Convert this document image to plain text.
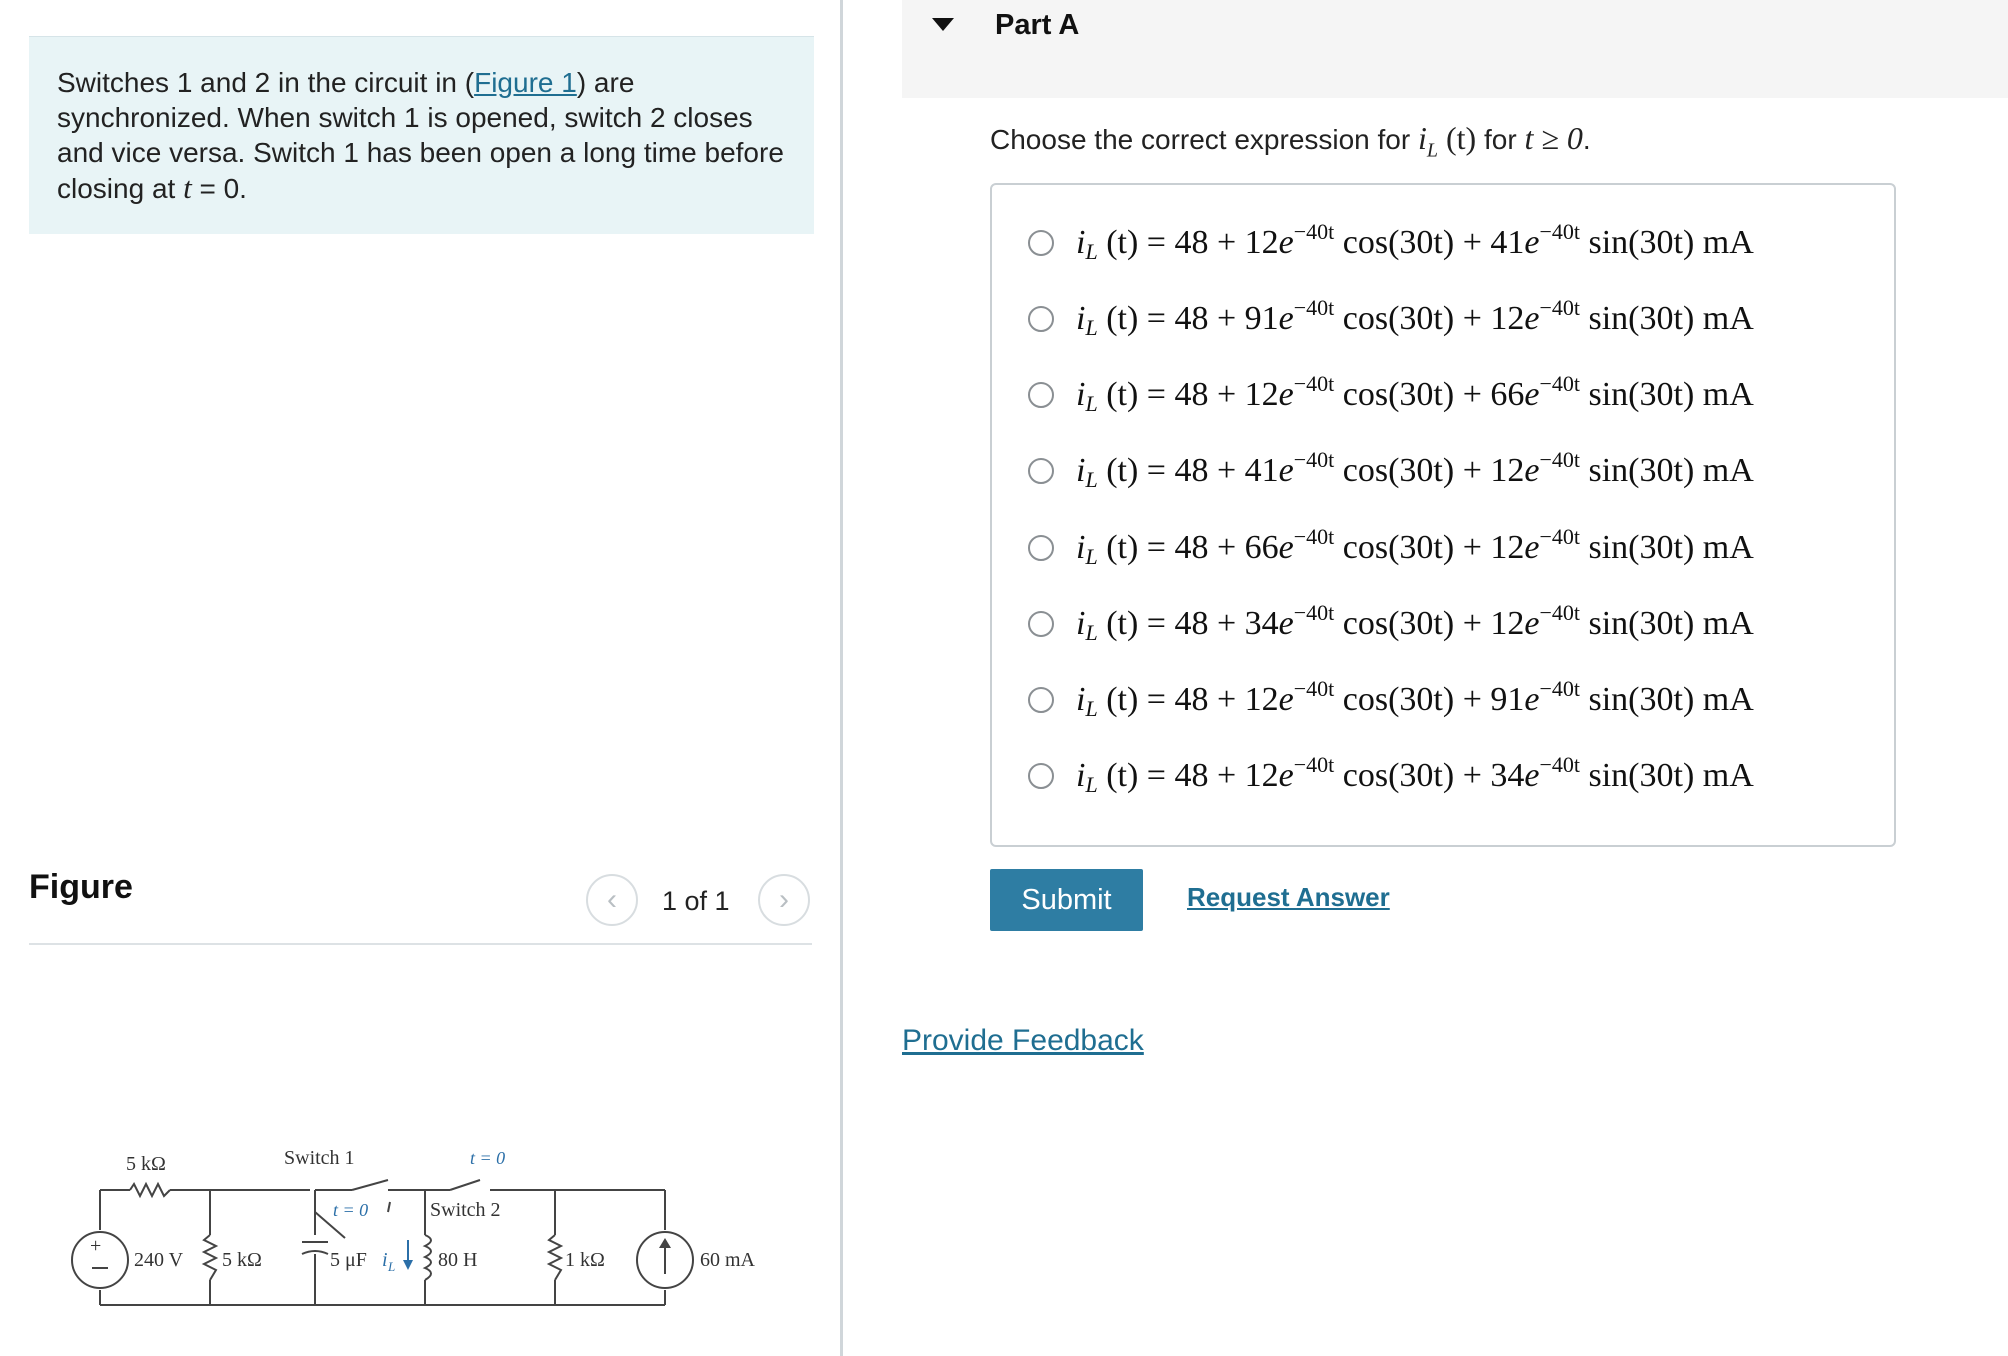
Switches 1 and 2 in the circuit in (Figure 1) are synchronized. When switch 1 is opened, switch 2 closes and vice versa. Switch 1 has been open a long time before closing at t = 0.
Figure	‹ 1 of 1 ›
+
5 kΩ	Switch 1	t = 0
t = 0	Switch 2
240 V 5 kΩ	5 μF i L 80 H	1 kΩ	60 mA
Part A
Choose the correct expression for $i_L$ (t) for t ≥ 0.
$i_L$ $(t) = 48 + 12e^{-40t}$ $\cos(30t) + 41e^{-40t}$ sin(30t) mA
$i_L$ $(t) = 48 + 91e^{-40t}$ $\cos(30t) + 12e^{-40t}$ sin(30t) mA
$i_L$ $(t) = 48 + 12e^{-40t}$ $\cos(30t) + 66e^{-40t}$ sin(30t) mA
$i_L$ $(t) = 48 + 41e^{-40t}$ $\cos(30t) + 12e^{-40t}$ sin(30t) mA
$i_L$ $(t) = 48 + 66e^{-40t}$ $\cos(30t) + 12e^{-40t}$ sin(30t) mA
$i_L$ $(t) = 48 + 34e^{-40t}$ $\cos(30t) + 12e^{-40t}$ sin(30t) mA
$i_L$ $(t) = 48 + 12e^{-40t}$ $\cos(30t) + 91e^{-40t}$ sin(30t) mA
$i_L$ $(t) = 48 + 12e^{-40t}$ $\cos(30t) + 34e^{-40t}$ sin(30t) mA
Submit	Request Answer
Provide Feedback
